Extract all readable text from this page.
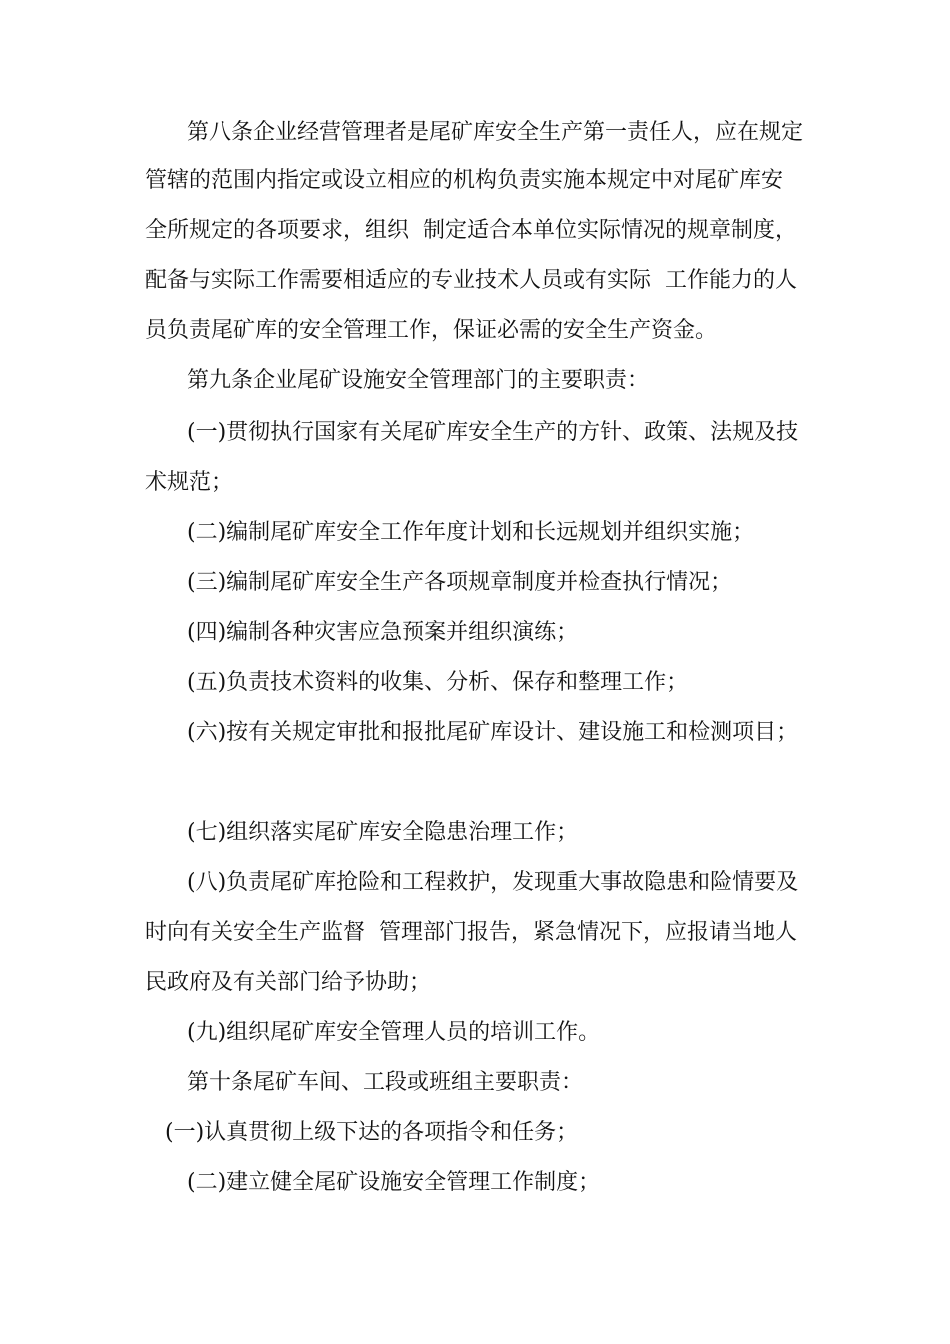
第八条企业经营管理者是尾矿库安全生产第一责任人，应在规定
管辖的范围内指定或设立相应的机构负责实施本规定中对尾矿库安
全所规定的各项要求，组织  制定适合本单位实际情况的规章制度，
配备与实际工作需要相适应的专业技术人员或有实际  工作能力的人
员负责尾矿库的安全管理工作，保证必需的安全生产资金。
第九条企业尾矿设施安全管理部门的主要职责：
(一)贯彻执行国家有关尾矿库安全生产的方针、政策、法规及技
术规范；
(二)编制尾矿库安全工作年度计划和长远规划并组织实施；
(三)编制尾矿库安全生产各项规章制度并检查执行情况；
(四)编制各种灾害应急预案并组织演练；
(五)负责技术资料的收集、分析、保存和整理工作；
(六)按有关规定审批和报批尾矿库设计、建设施工和检测项目；
(七)组织落实尾矿库安全隐患治理工作；
(八)负责尾矿库抢险和工程救护，发现重大事故隐患和险情要及
时向有关安全生产监督  管理部门报告，紧急情况下，应报请当地人
民政府及有关部门给予协助；
(九)组织尾矿库安全管理人员的培训工作。
第十条尾矿车间、工段或班组主要职责：
(一)认真贯彻上级下达的各项指令和任务；
(二)建立健全尾矿设施安全管理工作制度；
